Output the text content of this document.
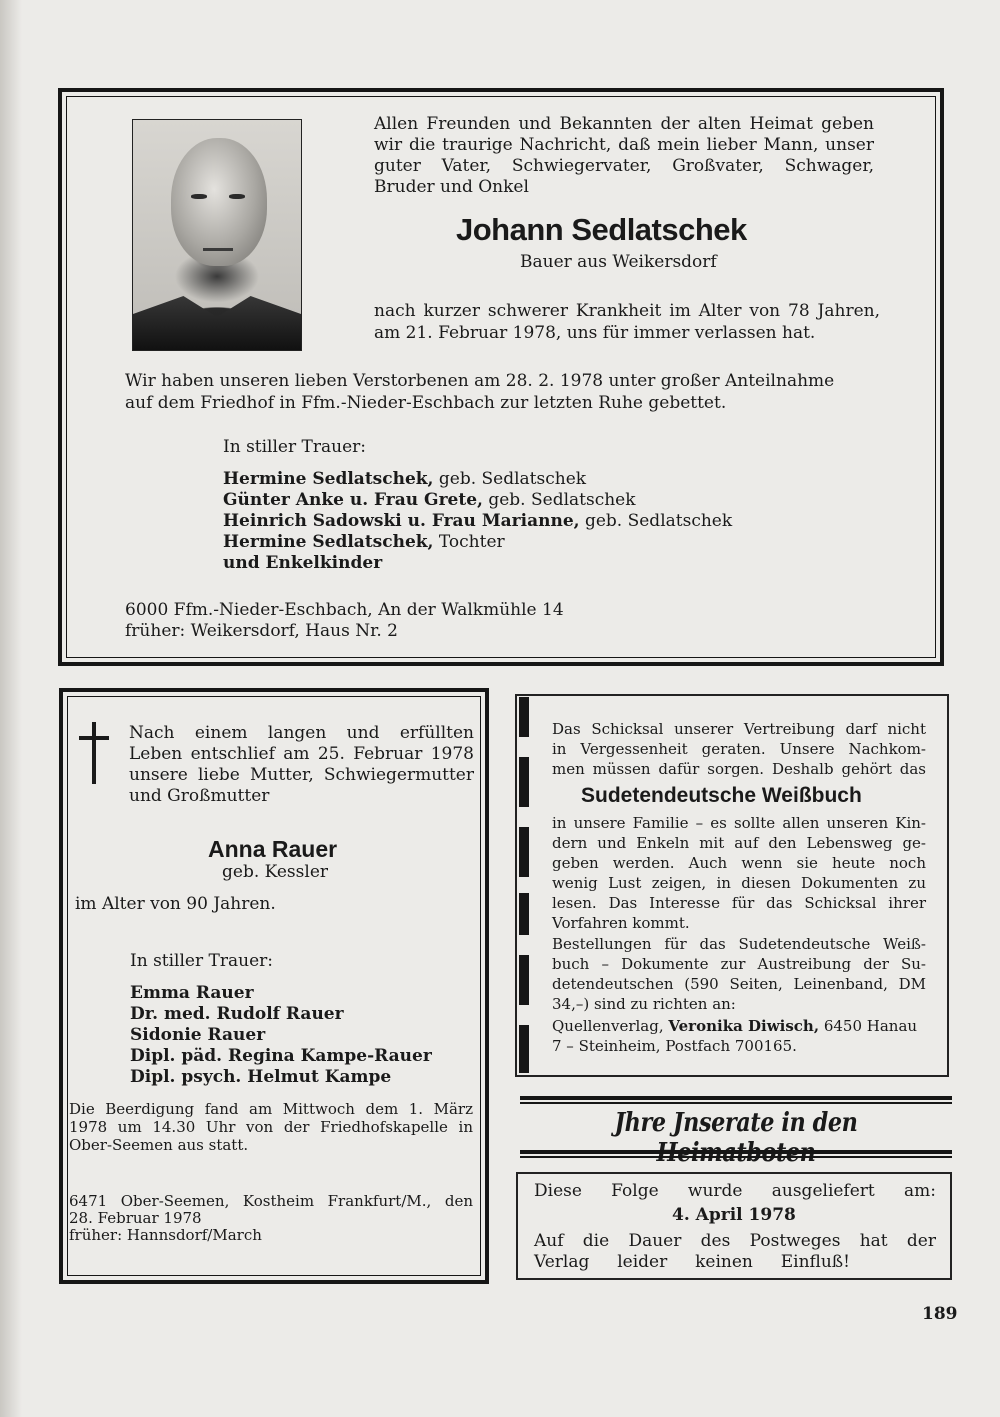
Allen Freunden und Bekannten der alten Heimat geben
wir die traurige Nachricht, daß mein lieber Mann, unser
guter Vater, Schwiegervater, Großvater, Schwager,
Bruder und Onkel
Johann Sedlatschek
Bauer aus Weikersdorf
nach kurzer schwerer Krankheit im Alter von 78 Jahren,
am 21. Februar 1978, uns für immer verlassen hat.
Wir haben unseren lieben Verstorbenen am 28. 2. 1978 unter großer Anteilnahme
auf dem Friedhof in Ffm.-Nieder-Eschbach zur letzten Ruhe gebettet.
In stiller Trauer:
Hermine Sedlatschek, geb. Sedlatschek
Günter Anke u. Frau Grete, geb. Sedlatschek
Heinrich Sadowski u. Frau Marianne, geb. Sedlatschek
Hermine Sedlatschek, Tochter
und Enkelkinder
6000 Ffm.-Nieder-Eschbach, An der Walkmühle 14
früher: Weikersdorf, Haus Nr. 2
Nach einem langen und erfüllten
Leben entschlief am 25. Februar 1978
unsere liebe Mutter, Schwiegermutter
und Großmutter
Anna Rauer
geb. Kessler
im Alter von 90 Jahren.
In stiller Trauer:
Emma Rauer
Dr. med. Rudolf Rauer
Sidonie Rauer
Dipl. päd. Regina Kampe-Rauer
Dipl. psych. Helmut Kampe
Die Beerdigung fand am Mittwoch dem 1. März
1978 um 14.30 Uhr von der Friedhofskapelle in
Ober-Seemen aus statt.
6471 Ober-Seemen, Kostheim Frankfurt/M., den
28. Februar 1978
früher: Hannsdorf/March
Das Schicksal unserer Vertreibung darf nicht
in Vergessenheit geraten. Unsere Nachkom-
men müssen dafür sorgen. Deshalb gehört das
Sudetendeutsche Weißbuch
in unsere Familie – es sollte allen unseren Kin-
dern und Enkeln mit auf den Lebensweg ge-
geben werden. Auch wenn sie heute noch
wenig Lust zeigen, in diesen Dokumenten zu
lesen. Das Interesse für das Schicksal ihrer
Vorfahren kommt.
Bestellungen für das Sudetendeutsche Weiß-
buch – Dokumente zur Austreibung der Su-
detendeutschen (590 Seiten, Leinenband, DM
34,–) sind zu richten an:
Quellenverlag, Veronika Diwisch, 6450 Hanau
7 – Steinheim, Postfach 700165.
Jhre Jnserate in den
Diese Folge wurde ausgeliefert am:
4. April 1978
Auf die Dauer des Postweges hat der
Verlag leider keinen Einfluß!
189
